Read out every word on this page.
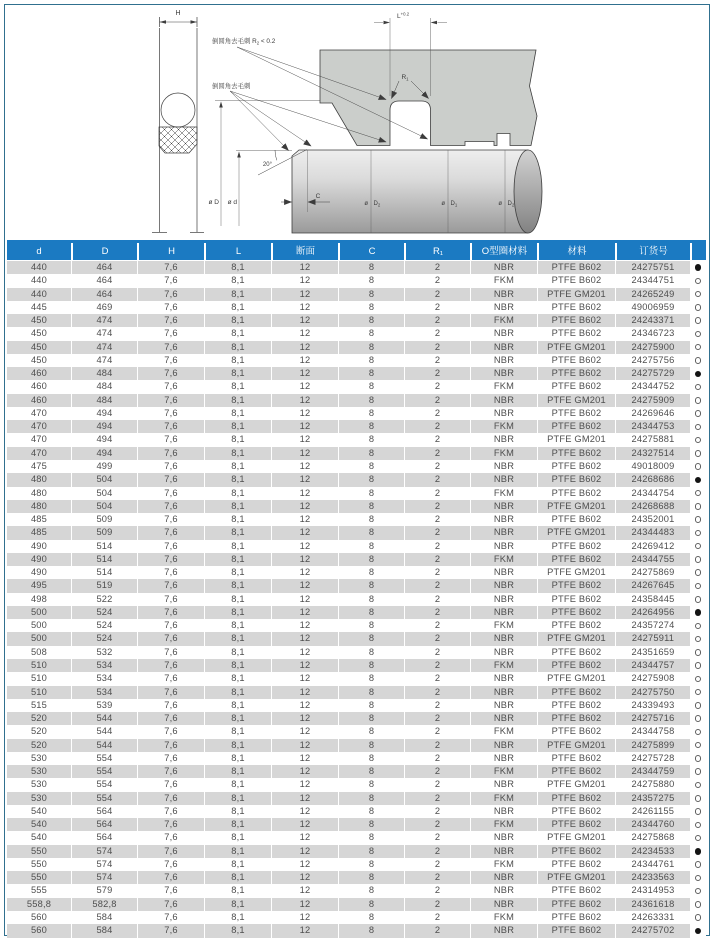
H
ø D ø d
$L^{+0.2}$
$R_1$
倒圆角去毛刺 $R_2 < 0.2$
倒圆角去毛刺
20°
C
ø $D_2$	ø $D_1$	ø $D_2$
d	D	H	L	断面	C	R₁	O型圈材料	材料	订货号
440	464	7,6	8,1	12	8	2	NBR	PTFE B602	24275751
440	464	7,6	8,1	12	8	2	FKM	PTFE B602	24344751
440	464	7,6	8,1	12	8	2	NBR	PTFE GM201	24265249
445	469	7,6	8,1	12	8	2	NBR	PTFE B602	49006959
450	474	7,6	8,1	12	8	2	FKM	PTFE B602	24243371
450	474	7,6	8,1	12	8	2	NBR	PTFE B602	24346723
450	474	7,6	8,1	12	8	2	NBR	PTFE GM201	24275900
450	474	7,6	8,1	12	8	2	NBR	PTFE B602	24275756
460	484	7,6	8,1	12	8	2	NBR	PTFE B602	24275729
460	484	7,6	8,1	12	8	2	FKM	PTFE B602	24344752
460	484	7,6	8,1	12	8	2	NBR	PTFE GM201	24275909
470	494	7,6	8,1	12	8	2	NBR	PTFE B602	24269646
470	494	7,6	8,1	12	8	2	FKM	PTFE B602	24344753
470	494	7,6	8,1	12	8	2	NBR	PTFE GM201	24275881
470	494	7,6	8,1	12	8	2	FKM	PTFE B602	24327514
475	499	7,6	8,1	12	8	2	NBR	PTFE B602	49018009
480	504	7,6	8,1	12	8	2	NBR	PTFE B602	24268686
480	504	7,6	8,1	12	8	2	FKM	PTFE B602	24344754
480	504	7,6	8,1	12	8	2	NBR	PTFE GM201	24268688
485	509	7,6	8,1	12	8	2	NBR	PTFE B602	24352001
485	509	7,6	8,1	12	8	2	NBR	PTFE GM201	24344483
490	514	7,6	8,1	12	8	2	NBR	PTFE B602	24269412
490	514	7,6	8,1	12	8	2	FKM	PTFE B602	24344755
490	514	7,6	8,1	12	8	2	NBR	PTFE GM201	24275869
495	519	7,6	8,1	12	8	2	NBR	PTFE B602	24267645
498	522	7,6	8,1	12	8	2	NBR	PTFE B602	24358445
500	524	7,6	8,1	12	8	2	NBR	PTFE B602	24264956
500	524	7,6	8,1	12	8	2	FKM	PTFE B602	24357274
500	524	7,6	8,1	12	8	2	NBR	PTFE GM201	24275911
508	532	7,6	8,1	12	8	2	NBR	PTFE B602	24351659
510	534	7,6	8,1	12	8	2	FKM	PTFE B602	24344757
510	534	7,6	8,1	12	8	2	NBR	PTFE GM201	24275908
510	534	7,6	8,1	12	8	2	NBR	PTFE B602	24275750
515	539	7,6	8,1	12	8	2	NBR	PTFE B602	24339493
520	544	7,6	8,1	12	8	2	NBR	PTFE B602	24275716
520	544	7,6	8,1	12	8	2	FKM	PTFE B602	24344758
520	544	7,6	8,1	12	8	2	NBR	PTFE GM201	24275899
530	554	7,6	8,1	12	8	2	NBR	PTFE B602	24275728
530	554	7,6	8,1	12	8	2	FKM	PTFE B602	24344759
530	554	7,6	8,1	12	8	2	NBR	PTFE GM201	24275880
530	554	7,6	8,1	12	8	2	FKM	PTFE B602	24357275
540	564	7,6	8,1	12	8	2	NBR	PTFE B602	24261155
540	564	7,6	8,1	12	8	2	FKM	PTFE B602	24344760
540	564	7,6	8,1	12	8	2	NBR	PTFE GM201	24275868
550	574	7,6	8,1	12	8	2	NBR	PTFE B602	24234533
550	574	7,6	8,1	12	8	2	FKM	PTFE B602	24344761
550	574	7,6	8,1	12	8	2	NBR	PTFE GM201	24233563
555	579	7,6	8,1	12	8	2	NBR	PTFE B602	24314953
558,8	582,8	7,6	8,1	12	8	2	NBR	PTFE B602	24361618
560	584	7,6	8,1	12	8	2	FKM	PTFE B602	24263331
560	584	7,6	8,1	12	8	2	NBR	PTFE B602	24275702
